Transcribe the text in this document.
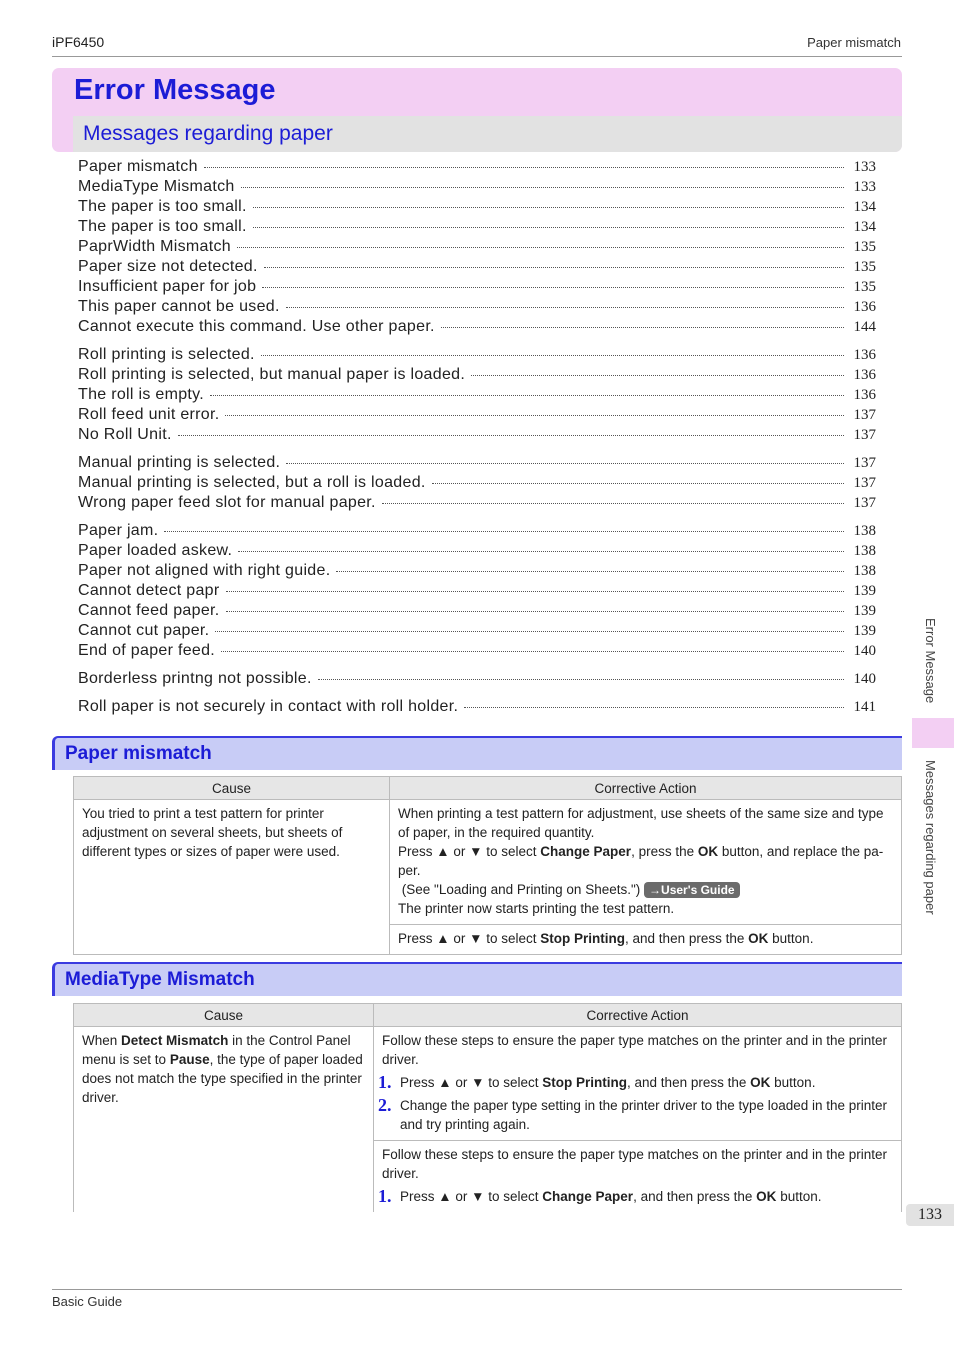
iPF6450	Paper mismatch
Error Message
Messages regarding paper
Paper mismatch	133
MediaType Mismatch	133
The paper is too small.	134
The paper is too small.	134
PaprWidth Mismatch	135
Paper size not detected.	135
Insufficient paper for job	135
This paper cannot be used.	136
Cannot execute this command. Use other paper.	144
Roll printing is selected.	136
Roll printing is selected, but manual paper is loaded.	136
The roll is empty.	136
Roll feed unit error.	137
No Roll Unit.	137
Manual printing is selected.	137
Manual printing is selected, but a roll is loaded.	137
Wrong paper feed slot for manual paper.	137
Paper jam.	138
Paper loaded askew.	138
Paper not aligned with right guide.	138
Cannot detect papr	139
Cannot feed paper.	139
Cannot cut paper.	139
End of paper feed.	140
Borderless printng not possible.	140
Roll paper is not securely in contact with roll holder.	141
Paper mismatch
Cause	Corrective Action
You tried to print a test pattern for printer adjustment on several sheets, but sheets of different types or sizes of paper were used.	When printing a test pattern for adjustment, use sheets of the same size and type of paper, in the required quantity.
Press ▲ or ▼ to select Change Paper, press the OK button, and replace the pa-per.
(See "Loading and Printing on Sheets.") →User's Guide
The printer now starts printing the test pattern.

	Press ▲ or ▼ to select Stop Printing, and then press the OK button.
MediaType Mismatch
Cause	Corrective Action
When Detect Mismatch in the Control Panel menu is set to Pause, the type of paper loaded does not match the type specified in the printer driver.	Follow these steps to ensure the paper type matches on the printer and in the printer driver.
1. Press ▲ or ▼ to select Stop Printing, and then press the OK button.
2. Change the paper type setting in the printer driver to the type loaded in the printer and try printing again.

	Follow these steps to ensure the paper type matches on the printer and in the printer driver.
1. Press ▲ or ▼ to select Change Paper, and then press the OK button.
Error Message
Messages regarding paper
133
Basic Guide
